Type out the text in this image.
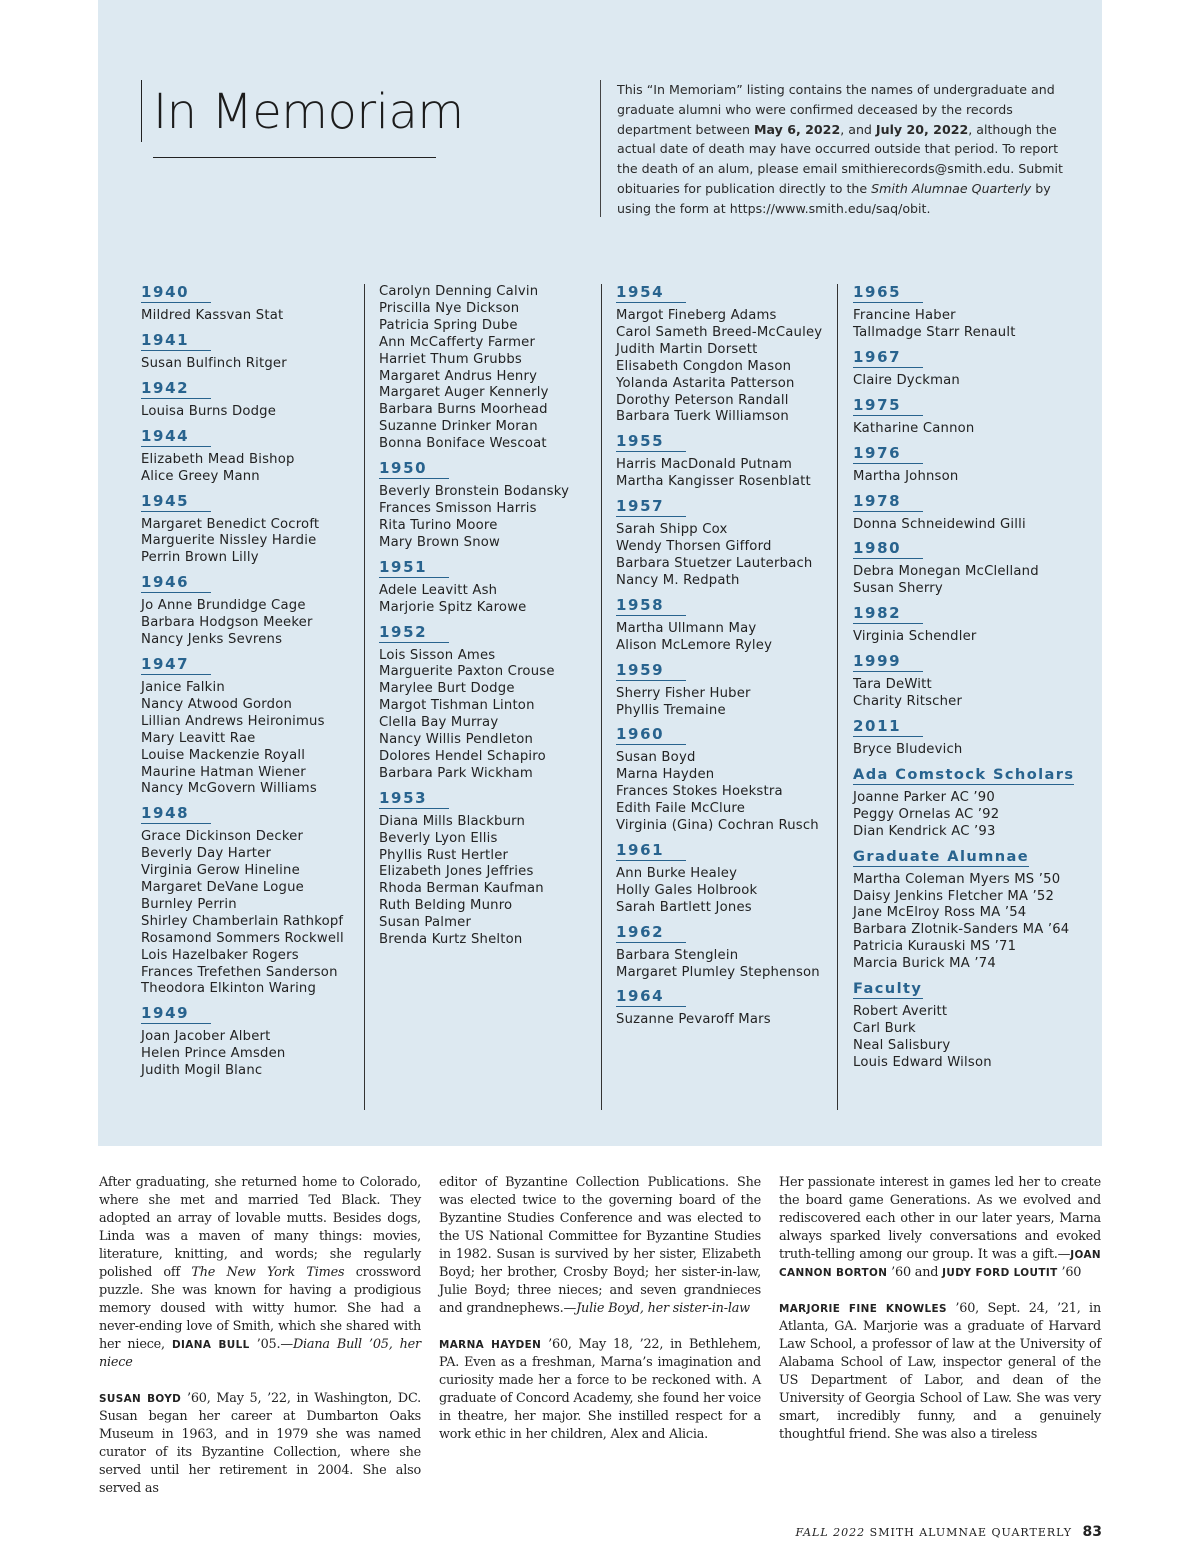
In Memoriam	This “In Memoriam” listing contains the names of undergraduate and graduate alumni who were confirmed deceased by the records department between May 6, 2022, and July 20, 2022, although the actual date of death may have occurred outside that period. To report the death of an alum, please email smithierecords@smith.edu. Submit obituaries for publication directly to the Smith Alumnae Quarterly by using the form at https://www.smith.edu/saq/obit.

1940
Mildred Kassvan Stat
1941
Susan Bulfinch Ritger
1942
Louisa Burns Dodge
1944
Elizabeth Mead Bishop
Alice Greey Mann
1945
Margaret Benedict Cocroft
Marguerite Nissley Hardie
Perrin Brown Lilly
1946
Jo Anne Brundidge Cage
Barbara Hodgson Meeker
Nancy Jenks Sevrens
1947
Janice Falkin
Nancy Atwood Gordon
Lillian Andrews Heironimus
Mary Leavitt Rae
Louise Mackenzie Royall
Maurine Hatman Wiener
Nancy McGovern Williams
1948
Grace Dickinson Decker
Beverly Day Harter
Virginia Gerow Hineline
Margaret DeVane Logue
Burnley Perrin
Shirley Chamberlain Rathkopf
Rosamond Sommers Rockwell
Lois Hazelbaker Rogers
Frances Trefethen Sanderson
Theodora Elkinton Waring
1949
Joan Jacober Albert
Helen Prince Amsden
Judith Mogil Blanc
Carolyn Denning Calvin
Priscilla Nye Dickson
Patricia Spring Dube
Ann McCafferty Farmer
Harriet Thum Grubbs
Margaret Andrus Henry
Margaret Auger Kennerly
Barbara Burns Moorhead
Suzanne Drinker Moran
Bonna Boniface Wescoat
1950
Beverly Bronstein Bodansky
Frances Smisson Harris
Rita Turino Moore
Mary Brown Snow
1951
Adele Leavitt Ash
Marjorie Spitz Karowe
1952
Lois Sisson Ames
Marguerite Paxton Crouse
Marylee Burt Dodge
Margot Tishman Linton
Clella Bay Murray
Nancy Willis Pendleton
Dolores Hendel Schapiro
Barbara Park Wickham
1953
Diana Mills Blackburn
Beverly Lyon Ellis
Phyllis Rust Hertler
Elizabeth Jones Jeffries
Rhoda Berman Kaufman
Ruth Belding Munro
Susan Palmer
Brenda Kurtz Shelton
1954
Margot Fineberg Adams
Carol Sameth Breed-McCauley
Judith Martin Dorsett
Elisabeth Congdon Mason
Yolanda Astarita Patterson
Dorothy Peterson Randall
Barbara Tuerk Williamson
1955
Harris MacDonald Putnam
Martha Kangisser Rosenblatt
1957
Sarah Shipp Cox
Wendy Thorsen Gifford
Barbara Stuetzer Lauterbach
Nancy M. Redpath
1958
Martha Ullmann May
Alison McLemore Ryley
1959
Sherry Fisher Huber
Phyllis Tremaine
1960
Susan Boyd
Marna Hayden
Frances Stokes Hoekstra
Edith Faile McClure
Virginia (Gina) Cochran Rusch
1961
Ann Burke Healey
Holly Gales Holbrook
Sarah Bartlett Jones
1962
Barbara Stenglein
Margaret Plumley Stephenson
1964
Suzanne Pevaroff Mars
1965
Francine Haber
Tallmadge Starr Renault
1967
Claire Dyckman
1975
Katharine Cannon
1976
Martha Johnson
1978
Donna Schneidewind Gilli
1980
Debra Monegan McClelland
Susan Sherry
1982
Virginia Schendler
1999
Tara DeWitt
Charity Ritscher
2011
Bryce Bludevich
Ada Comstock Scholars
Joanne Parker AC ’90
Peggy Ornelas AC ’92
Dian Kendrick AC ’93
Graduate Alumnae
Martha Coleman Myers MS ’50
Daisy Jenkins Fletcher MA ’52
Jane McElroy Ross MA ’54
Barbara Zlotnik-Sanders MA ’64
Patricia Kurauski MS ’71
Marcia Burick MA ’74
Faculty
Robert Averitt
Carl Burk
Neal Salisbury
Louis Edward Wilson

After graduating, she returned home to Colorado, where she met and married Ted Black. They adopted an array of lovable mutts. Besides dogs, Linda was a maven of many things: movies, literature, knitting, and words; she regularly polished off The New York Times crossword puzzle. She was known for having a prodigious memory doused with witty humor. She had a never-ending love of Smith, which she shared with her niece, DIANA BULL ’05.—Diana Bull ’05, her niece

SUSAN BOYD ’60, May 5, ’22, in Washington, DC. Susan began her career at Dumbarton Oaks Museum in 1963, and in 1979 she was named curator of its Byzantine Collection, where she served until her retirement in 2004. She also served as

editor of Byzantine Collection Publications. She was elected twice to the governing board of the Byzantine Studies Conference and was elected to the US National Committee for Byzantine Studies in 1982. Susan is survived by her sister, Elizabeth Boyd; her brother, Crosby Boyd; her sister-in-law, Julie Boyd; three nieces; and seven grandnieces and grandnephews.—Julie Boyd, her sister-in-law

MARNA HAYDEN ’60, May 18, ’22, in Bethlehem, PA. Even as a freshman, Marna’s imagination and curiosity made her a force to be reckoned with. A graduate of Concord Academy, she found her voice in theatre, her major. She instilled respect for a work ethic in her children, Alex and Alicia.

Her passionate interest in games led her to create the board game Generations. As we evolved and rediscovered each other in our later years, Marna always sparked lively conversations and evoked truth-telling among our group. It was a gift.—JOAN CANNON BORTON ’60 and JUDY FORD LOUTIT ’60

MARJORIE FINE KNOWLES ’60, Sept. 24, ’21, in Atlanta, GA. Marjorie was a graduate of Harvard Law School, a professor of law at the University of Alabama School of Law, inspector general of the US Department of Labor, and dean of the University of Georgia School of Law. She was very smart, incredibly funny, and a genuinely thoughtful friend. She was also a tireless

FALL 2022 SMITH ALUMNAE QUARTERLY 83
